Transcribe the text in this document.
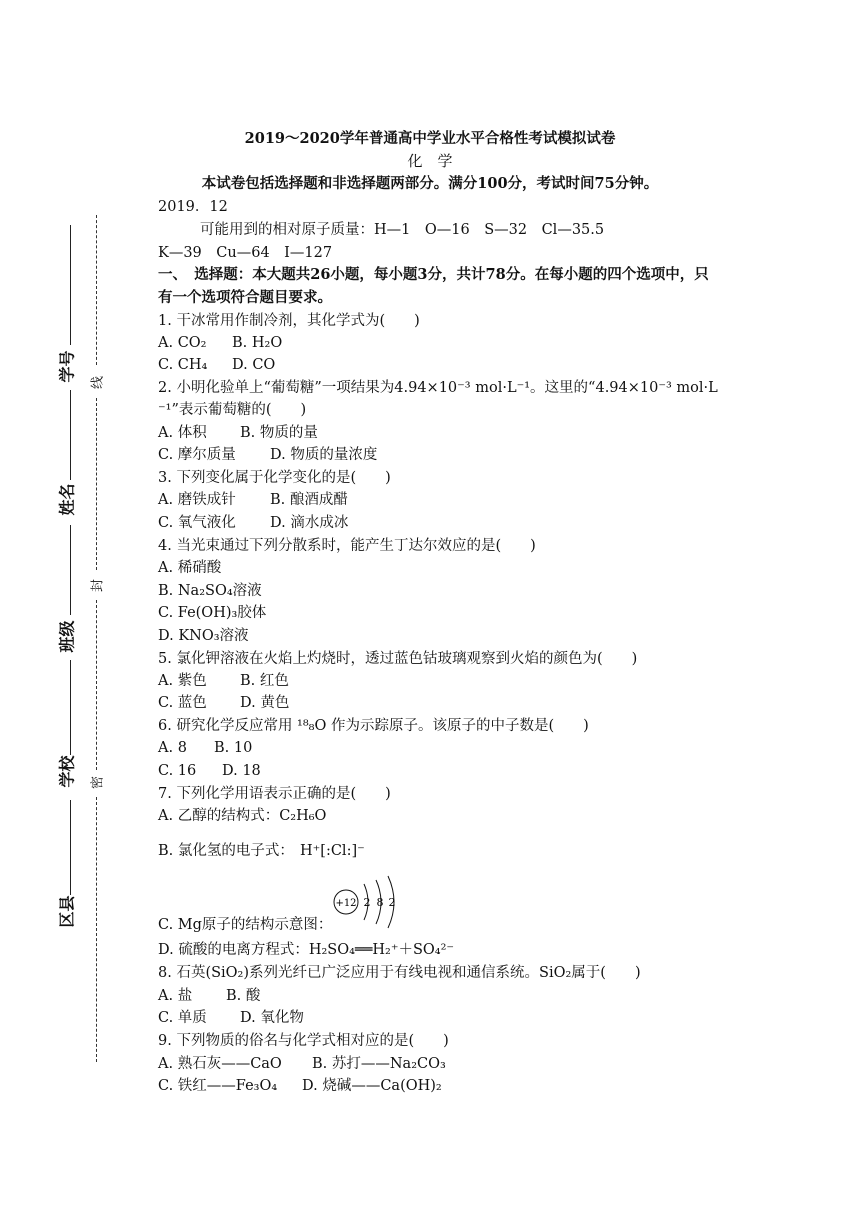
学号
姓名
班级
学校
区县
线
封
密
2019～2020学年普通高中学业水平合格性考试模拟试卷
化　学
本试卷包括选择题和非选择题两部分。满分100分，考试时间75分钟。
2019．12
可能用到的相对原子质量：H—1　O—16　S—32　Cl—35.5
K—39　Cu—64　I—127
一、　选择题：本大题共26小题，每小题3分，共计78分。在每小题的四个选项中，只
有一个选项符合题目要求。
1. 干冰常用作制冷剂，其化学式为(　　)
A. CO₂ B. H₂O
C. CH₄ D. CO
2. 小明化验单上“葡萄糖”一项结果为4.94×10⁻³ mol·L⁻¹。这里的“4.94×10⁻³ mol·L
⁻¹”表示葡萄糖的(　　)
A. 体积 B. 物质的量
C. 摩尔质量 D. 物质的量浓度
3. 下列变化属于化学变化的是(　　)
A. 磨铁成针 B. 酿酒成醋
C. 氧气液化 D. 滴水成冰
4. 当光束通过下列分散系时，能产生丁达尔效应的是(　　)
A. 稀硝酸
B. Na₂SO₄溶液
C. Fe(OH)₃胶体
D. KNO₃溶液
5. 氯化钾溶液在火焰上灼烧时，透过蓝色钴玻璃观察到火焰的颜色为(　　)
A. 紫色 B. 红色
C. 蓝色 D. 黄色
6. 研究化学反应常用 ¹⁸₈O 作为示踪原子。该原子的中子数是(　　)
A. 8 B. 10
C. 16 D. 18
7. 下列化学用语表示正确的是(　　)
A. 乙醇的结构式：C₂H₆O
B. 氯化氢的电子式： H⁺[:Cl:]⁻
C. Mg原子的结构示意图：
+12 2 8 2
D. 硫酸的电离方程式：H₂SO₄══H₂⁺＋SO₄²⁻
8. 石英(SiO₂)系列光纤已广泛应用于有线电视和通信系统。SiO₂属于(　　)
A. 盐 B. 酸
C. 单质 D. 氧化物
9. 下列物质的俗名与化学式相对应的是(　　)
A. 熟石灰——CaO B. 苏打——Na₂CO₃
C. 铁红——Fe₃O₄ D. 烧碱——Ca(OH)₂
